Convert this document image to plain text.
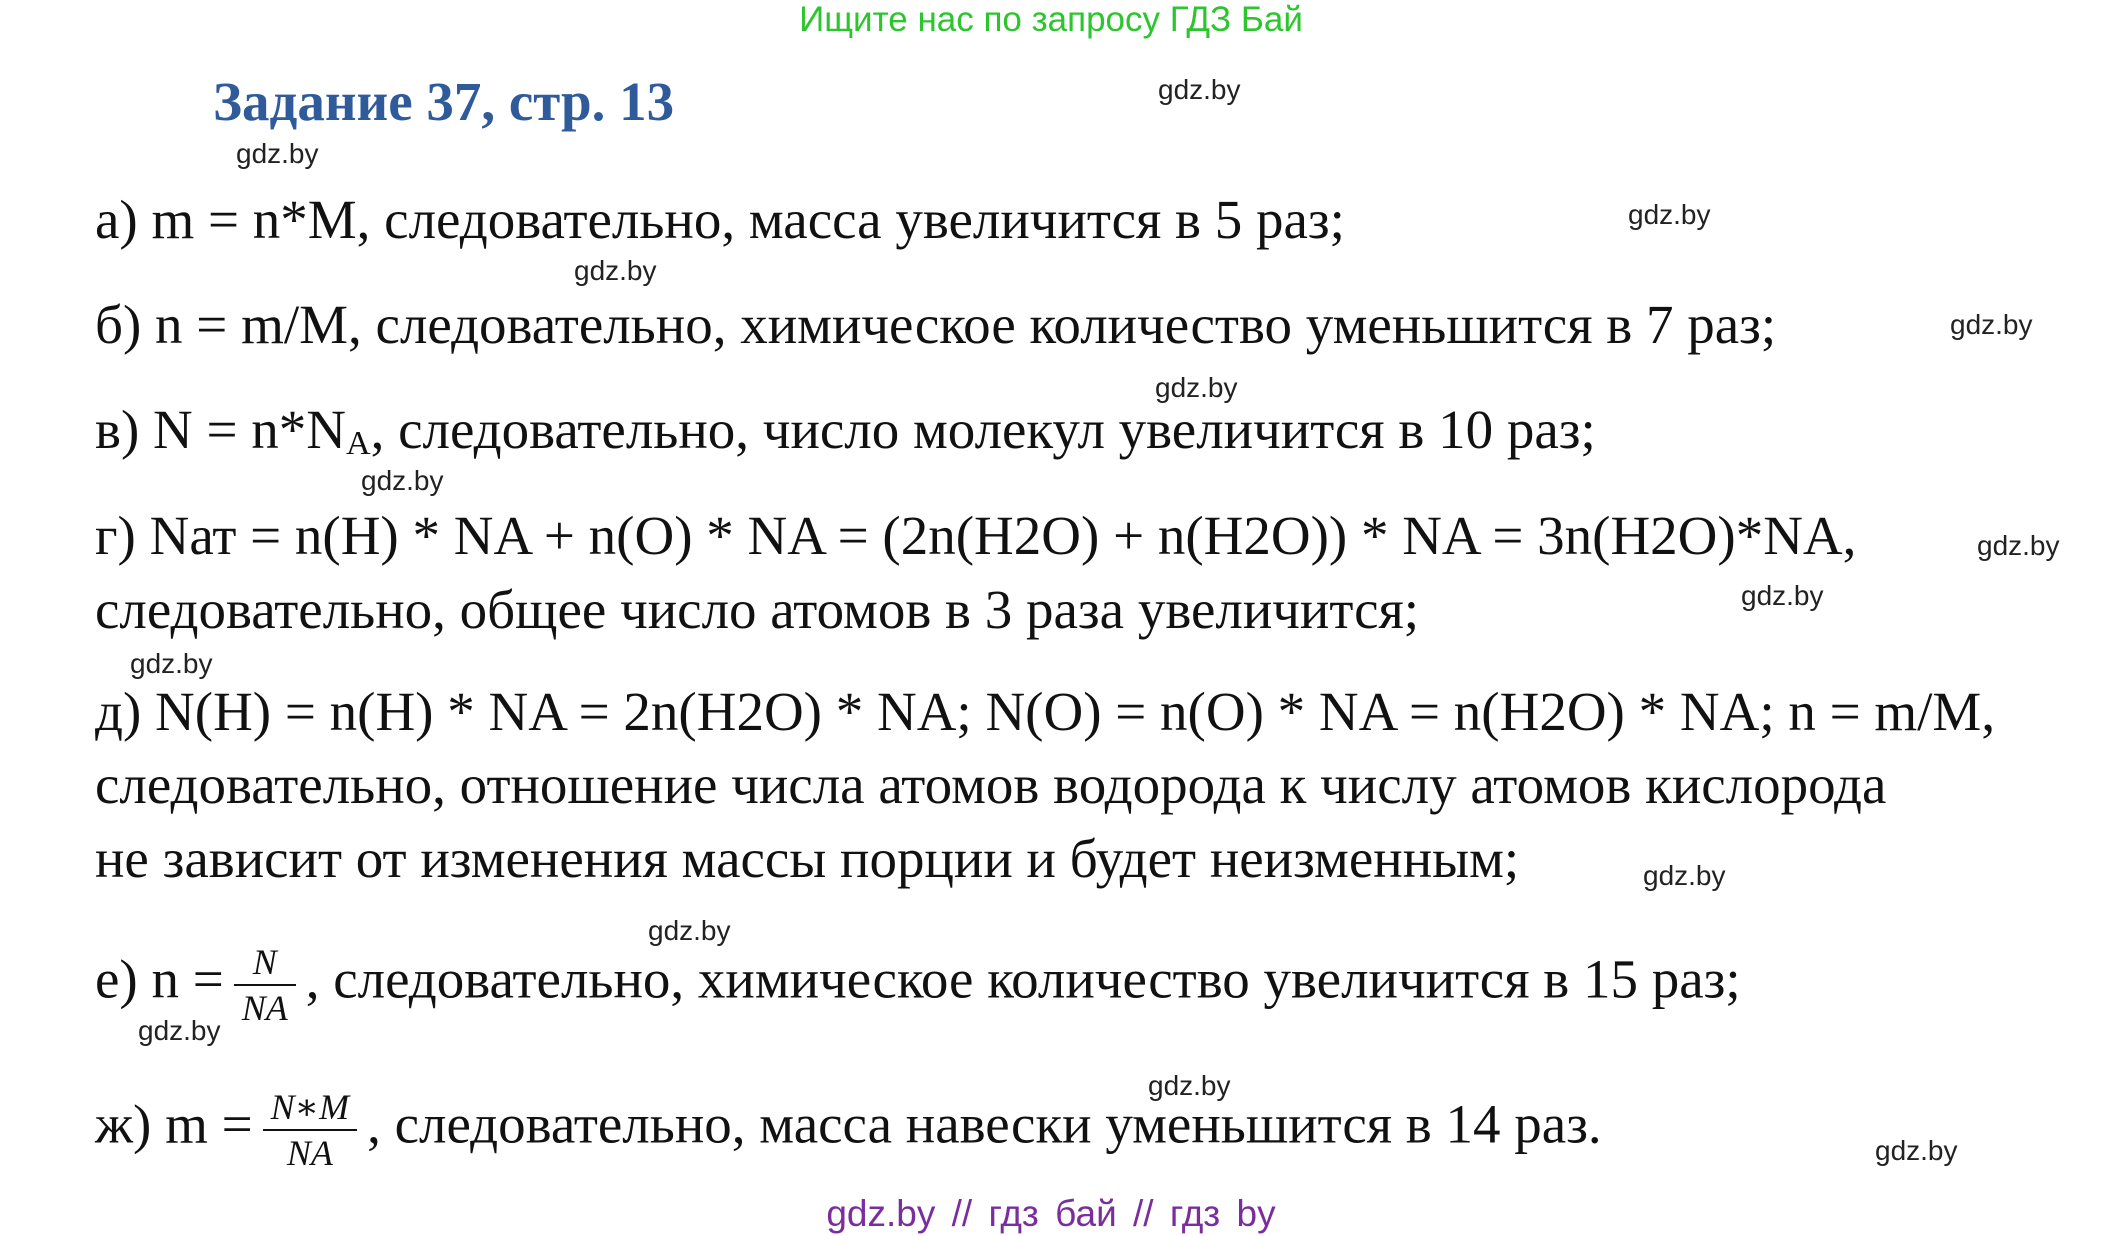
Ищите нас по запросу ГДЗ Бай
Задание 37, стр. 13
а) m = n*M, следовательно, масса увеличится в 5 раз;
б) n = m/M, следовательно, химическое количество уменьшится в 7 раз;
в) $N = n*N_A$, следовательно, число молекул увеличится в 10 раз;
г) Nат = n(H) * NA + n(O) * NA = (2n(H2O) + n(H2O)) * NA = 3n(H2O)*NA,
следовательно, общее число атомов в 3 раза увеличится;
д) N(H) = n(H) * NA = 2n(H2O) * NA; N(O) = n(O) * NA = n(H2O) * NA; n = m/M,
следовательно, отношение числа атомов водорода к числу атомов кислорода
не зависит от изменения массы порции и будет неизменным;
е) $n = \frac{N}{NA}$ , следовательно, химическое количество увеличится в 15 раз;
ж) $m = \frac{N∗M}{NA}$ , следовательно, масса навески уменьшится в 14 раз.
gdz.by
gdz.by
gdz.by
gdz.by
gdz.by
gdz.by
gdz.by
gdz.by
gdz.by
gdz.by
gdz.by
gdz.by
gdz.by
gdz.by
gdz.by
gdz.by // гдз бай // гдз by
